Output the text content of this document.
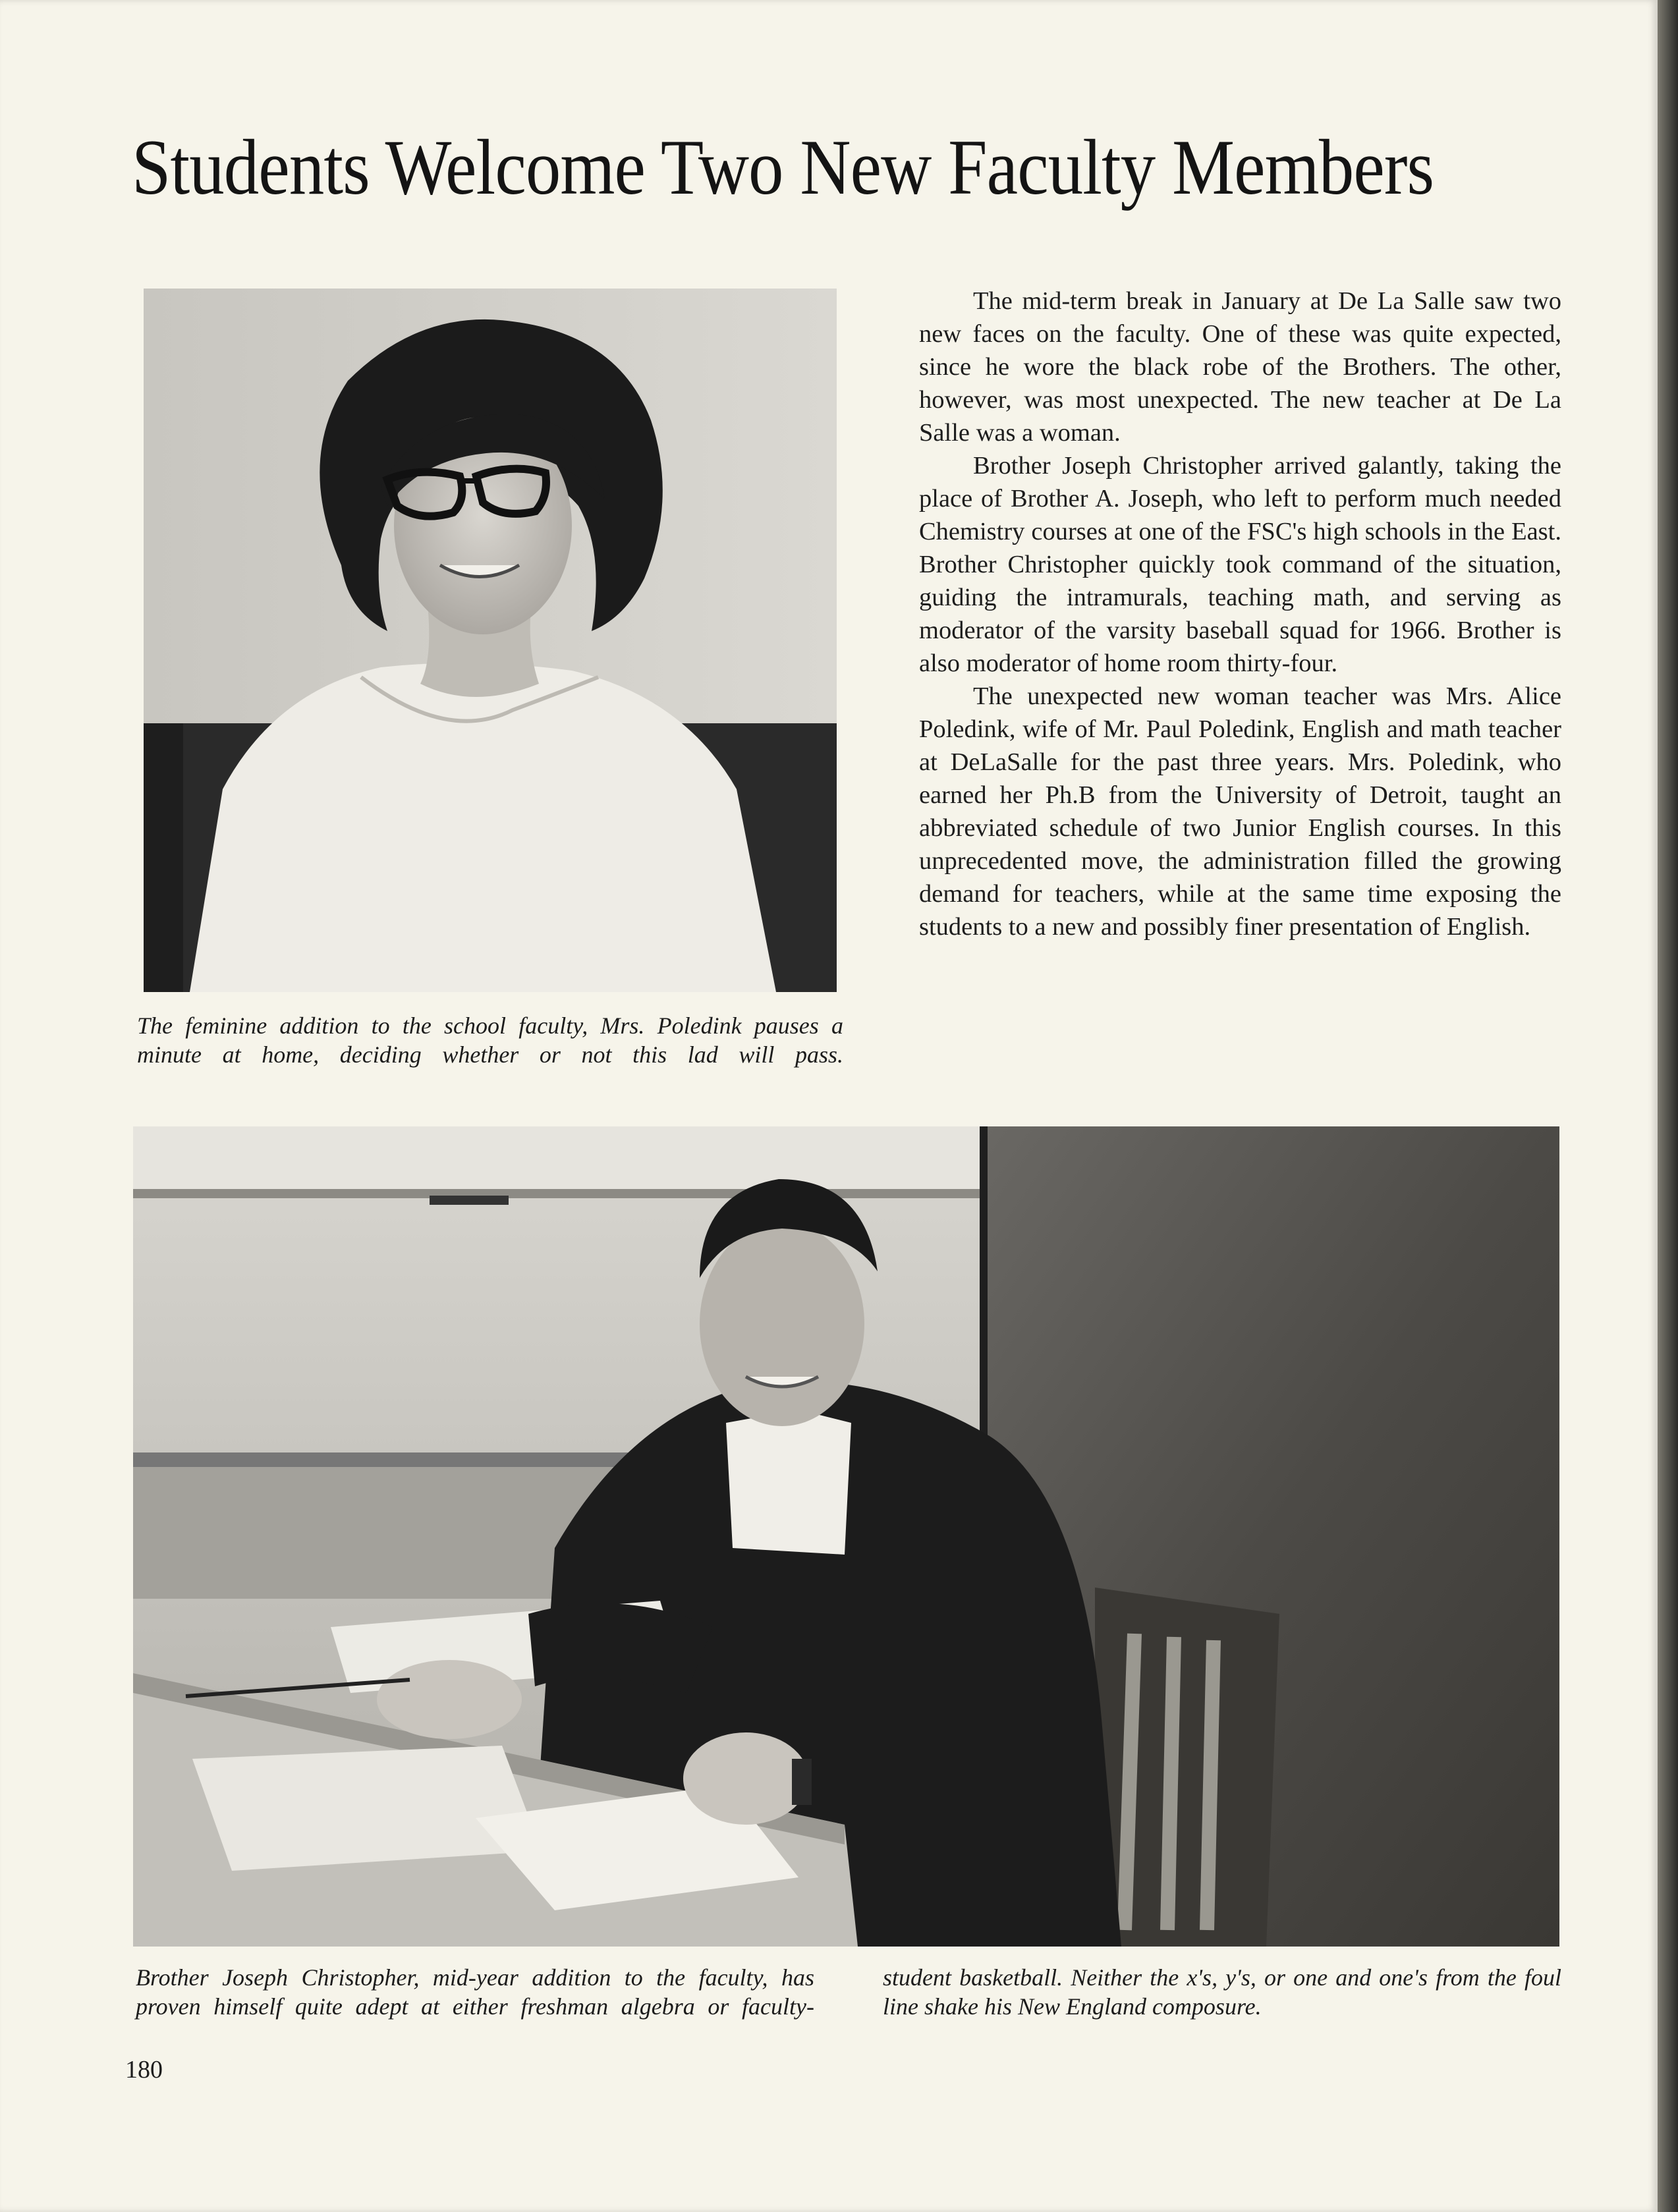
Students Welcome Two New Faculty Members

The feminine addition to the school faculty, Mrs. Poledink pauses a minute at home, deciding whether or not this lad will pass.

The mid-term break in January at De La Salle saw two new faces on the faculty. One of these was quite expected, since he wore the black robe of the Brothers. The other, however, was most unexpected. The new teacher at De La Salle was a woman.

Brother Joseph Christopher arrived galantly, taking the place of Brother A. Joseph, who left to perform much needed Chemistry courses at one of the FSC's high schools in the East. Brother Christopher quickly took command of the situation, guiding the intramurals, teaching math, and serving as moderator of the varsity baseball squad for 1966. Brother is also moderator of home room thirty-four.

The unexpected new woman teacher was Mrs. Alice Poledink, wife of Mr. Paul Poledink, English and math teacher at DeLaSalle for the past three years. Mrs. Poledink, who earned her Ph.B from the University of Detroit, taught an abbreviated schedule of two Junior English courses. In this unprecedented move, the administration filled the growing demand for teachers, while at the same time exposing the students to a new and possibly finer presentation of English.

Brother Joseph Christopher, mid-year addition to the faculty, has proven himself quite adept at either freshman algebra or faculty-

student basketball. Neither the x's, y's, or one and one's from the foul line shake his New England composure.

180
